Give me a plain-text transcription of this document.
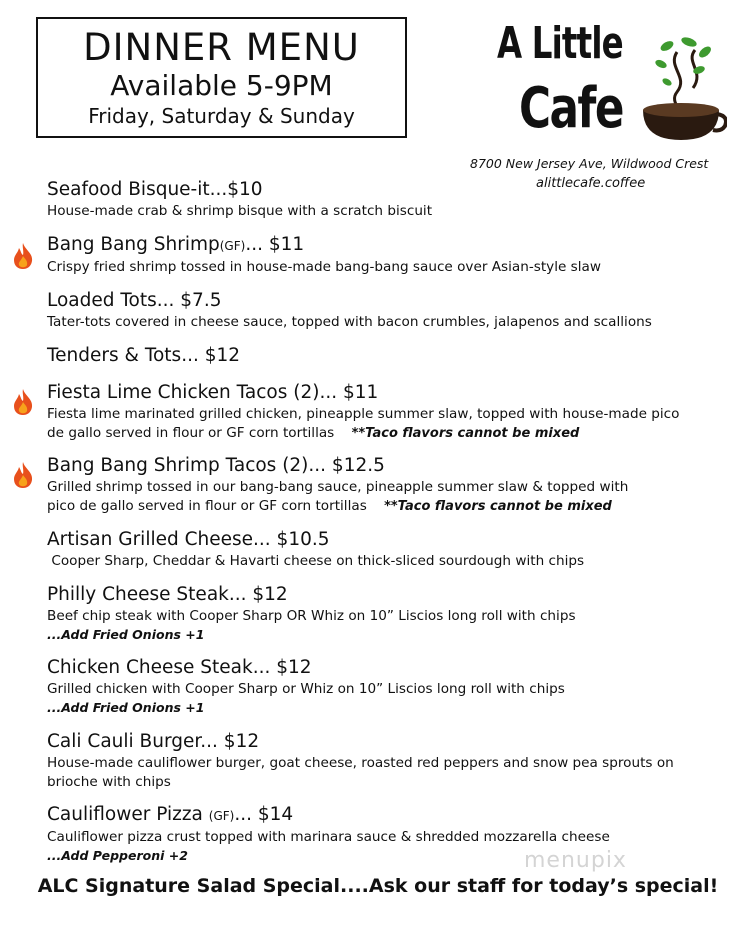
DINNER MENU
Available 5-9PM
Friday, Saturday & Sunday
A Little
Cafe
8700 New Jersey Ave, Wildwood Crest
alittlecafe.coffee
Seafood Bisque-it...$10
House-made crab & shrimp bisque with a scratch biscuit
Bang Bang Shrimp(GF)... $11
Crispy fried shrimp tossed in house-made bang-bang sauce over Asian-style slaw
Loaded Tots... $7.5
Tater-tots covered in cheese sauce, topped with bacon crumbles, jalapenos and scallions
Tenders & Tots... $12
Fiesta Lime Chicken Tacos (2)... $11
Fiesta lime marinated grilled chicken, pineapple summer slaw, topped with house-made pico
de gallo served in flour or GF corn tortillas **Taco flavors cannot be mixed
Bang Bang Shrimp Tacos (2)... $12.5
Grilled shrimp tossed in our bang-bang sauce, pineapple summer slaw & topped with
pico de gallo served in flour or GF corn tortillas **Taco flavors cannot be mixed
Artisan Grilled Cheese... $10.5
Cooper Sharp, Cheddar & Havarti cheese on thick-sliced sourdough with chips
Philly Cheese Steak... $12
Beef chip steak with Cooper Sharp OR Whiz on 10” Liscios long roll with chips
...Add Fried Onions +1
Chicken Cheese Steak... $12
Grilled chicken with Cooper Sharp or Whiz on 10” Liscios long roll with chips
...Add Fried Onions +1
Cali Cauli Burger... $12
House-made cauliflower burger, goat cheese, roasted red peppers and snow pea sprouts on
brioche with chips
Cauliflower Pizza (GF)... $14
Cauliflower pizza crust topped with marinara sauce & shredded mozzarella cheese
...Add Pepperoni +2	menupix
ALC Signature Salad Special....Ask our staff for today’s special!
